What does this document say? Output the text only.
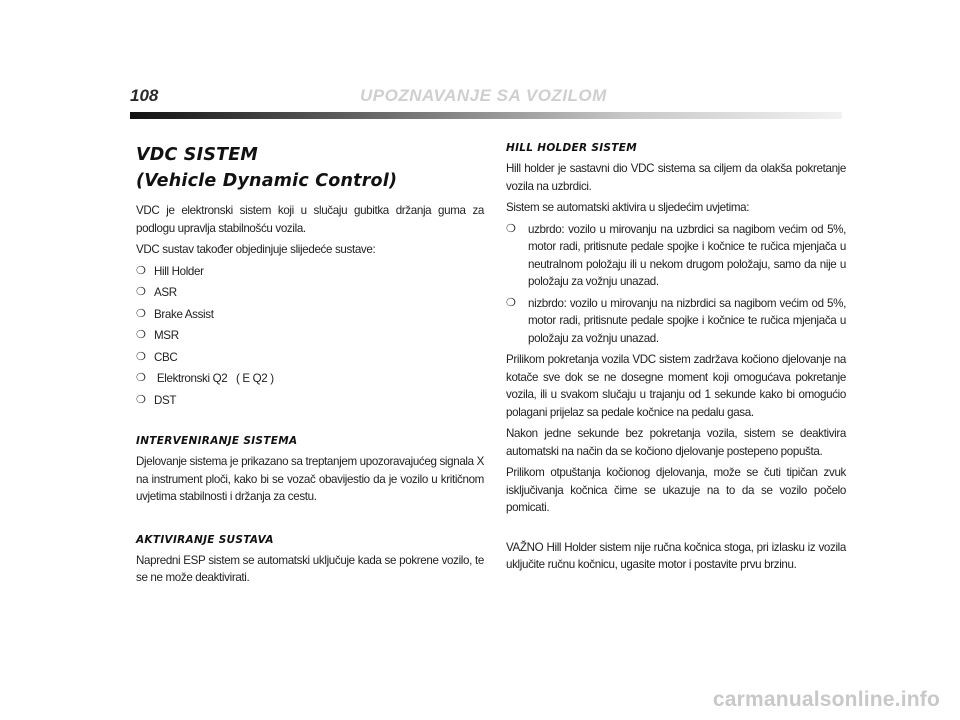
108	UPOZNAVANJE SA VOZILOM
VDC SISTEM
(Vehicle Dynamic Control)

VDC je elektronski sistem koji u slučaju gubitka držanja guma za podlogu upravlja stabilnošću vozila.

VDC sustav također objedinjuje slijedeće sustave:

❍ Hill Holder
❍ ASR
❍ Brake Assist
❍ MSR
❍ CBC
❍ Elektronski Q2   ( E Q2 )
❍ DST
INTERVENIRANJE SISTEMA

Djelovanje sistema je prikazano sa treptanjem upozoravajućeg signala X na instrument ploči, kako bi se vozač obavijestio da je vozilo u kritičnom uvjetima stabilnosti i držanja za cestu.

AKTIVIRANJE SUSTAVA

Napredni ESP sistem se automatski uključuje kada se pokrene vozilo, te se ne može deaktivirati.

HILL HOLDER SISTEM

Hill holder je sastavni dio VDC sistema sa ciljem da olakša pokretanje vozila na uzbrdici.

Sistem se automatski aktivira u sljedećim uvjetima:

❍ uzbrdo: vozilo u mirovanju na uzbrdici sa nagibom većim od 5%, motor radi, pritisnute pedale spojke i kočnice te ručica mjenjača u neutralnom položaju ili u nekom drugom položaju, samo da nije u položaju za vožnju unazad.
❍ nizbrdo: vozilo u mirovanju na nizbrdici sa nagibom većim od 5%, motor radi, pritisnute pedale spojke i kočnice te ručica mjenjača u položaju za vožnju unazad.

Prilikom pokretanja vozila VDC sistem zadržava kočiono djelovanje na kotače sve dok se ne dosegne moment koji omogućava pokretanje vozila, ili u svakom slučaju u trajanju od 1 sekunde kako bi omogućio polagani prijelaz sa pedale kočnice na pedalu gasa.

Nakon jedne sekunde bez pokretanja vozila, sistem se deaktivira automatski na način da se kočiono djelovanje postepeno popušta.

Prilikom otpuštanja kočionog djelovanja, može se čuti tipičan zvuk isključivanja kočnica čime se ukazuje na to da se vozilo počelo pomicati.

VAŽNO Hill Holder sistem nije ručna kočnica stoga, pri izlasku iz vozila uključite ručnu kočnicu, ugasite motor i postavite prvu brzinu.

carmanualsonline.info
